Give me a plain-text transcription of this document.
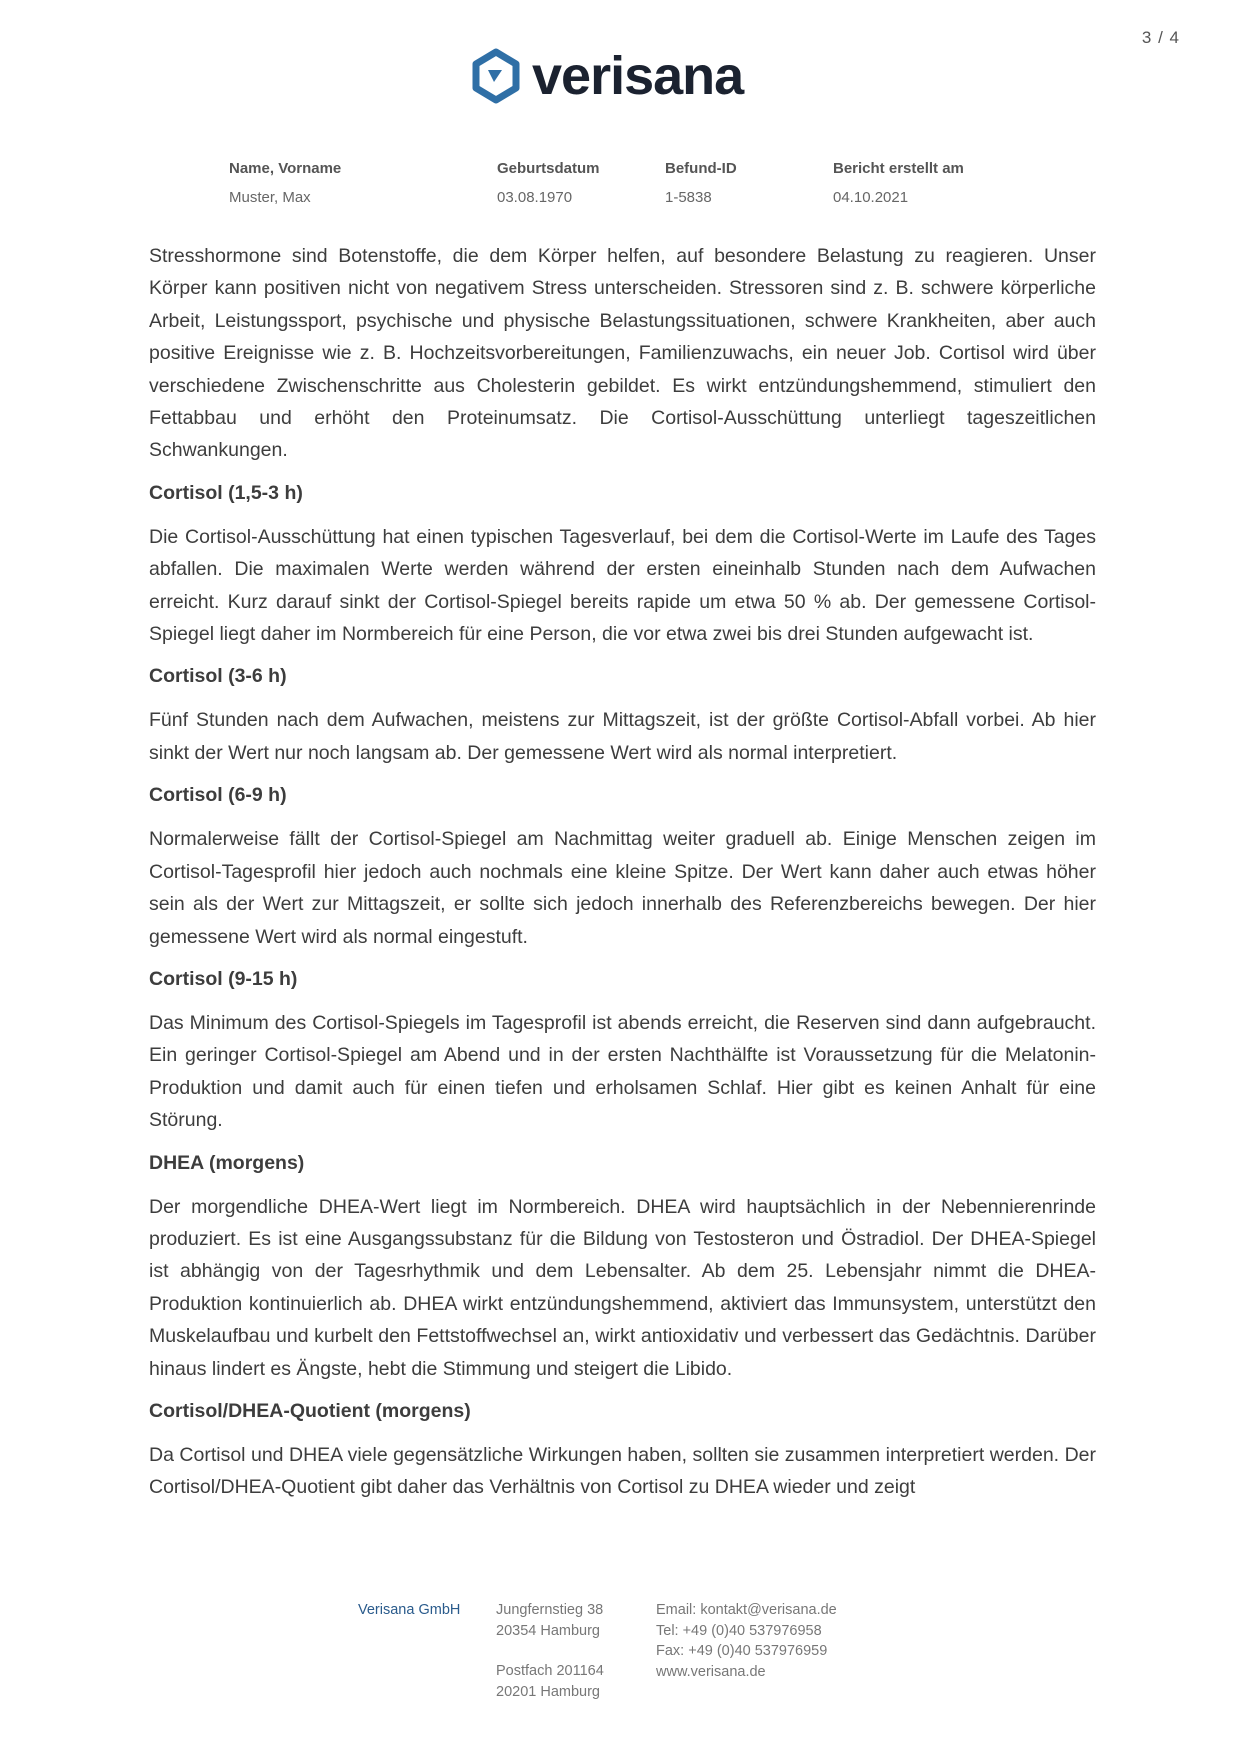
3 / 4
verisana
Name, Vorname	Geburtsdatum	Befund-ID	Bericht erstellt am
Muster, Max	03.08.1970	1-5838	04.10.2021

Stresshormone sind Botenstoffe, die dem Körper helfen, auf besondere Belastung zu reagieren. Unser Körper kann positiven nicht von negativem Stress unterscheiden. Stressoren sind z. B. schwere körperliche Arbeit, Leistungssport, psychische und physische Belastungssituationen, schwere Krankheiten, aber auch positive Ereignisse wie z. B. Hochzeitsvorbereitungen, Familienzuwachs, ein neuer Job. Cortisol wird über verschiedene Zwischenschritte aus Cholesterin gebildet. Es wirkt entzündungshemmend, stimuliert den Fettabbau und erhöht den Proteinumsatz. Die Cortisol-Ausschüttung unterliegt tageszeitlichen Schwankungen.

Cortisol (1,5-3 h)

Die Cortisol-Ausschüttung hat einen typischen Tagesverlauf, bei dem die Cortisol-Werte im Laufe des Tages abfallen. Die maximalen Werte werden während der ersten eineinhalb Stunden nach dem Aufwachen erreicht. Kurz darauf sinkt der Cortisol-Spiegel bereits rapide um etwa 50 % ab. Der gemessene Cortisol-Spiegel liegt daher im Normbereich für eine Person, die vor etwa zwei bis drei Stunden aufgewacht ist.

Cortisol (3-6 h)

Fünf Stunden nach dem Aufwachen, meistens zur Mittagszeit, ist der größte Cortisol-Abfall vorbei. Ab hier sinkt der Wert nur noch langsam ab. Der gemessene Wert wird als normal interpretiert.

Cortisol (6-9 h)

Normalerweise fällt der Cortisol-Spiegel am Nachmittag weiter graduell ab. Einige Menschen zeigen im Cortisol-Tagesprofil hier jedoch auch nochmals eine kleine Spitze. Der Wert kann daher auch etwas höher sein als der Wert zur Mittagszeit, er sollte sich jedoch innerhalb des Referenzbereichs bewegen. Der hier gemessene Wert wird als normal eingestuft.

Cortisol (9-15 h)

Das Minimum des Cortisol-Spiegels im Tagesprofil ist abends erreicht, die Reserven sind dann aufgebraucht. Ein geringer Cortisol-Spiegel am Abend und in der ersten Nachthälfte ist Voraussetzung für die Melatonin-Produktion und damit auch für einen tiefen und erholsamen Schlaf. Hier gibt es keinen Anhalt für eine Störung.

DHEA (morgens)

Der morgendliche DHEA-Wert liegt im Normbereich. DHEA wird hauptsächlich in der Nebennierenrinde produziert. Es ist eine Ausgangssubstanz für die Bildung von Testosteron und Östradiol. Der DHEA-Spiegel ist abhängig von der Tagesrhythmik und dem Lebensalter. Ab dem 25. Lebensjahr nimmt die DHEA-Produktion kontinuierlich ab. DHEA wirkt entzündungshemmend, aktiviert das Immunsystem, unterstützt den Muskelaufbau und kurbelt den Fettstoffwechsel an, wirkt antioxidativ und verbessert das Gedächtnis. Darüber hinaus lindert es Ängste, hebt die Stimmung und steigert die Libido.

Cortisol/DHEA-Quotient (morgens)

Da Cortisol und DHEA viele gegensätzliche Wirkungen haben, sollten sie zusammen interpretiert werden. Der Cortisol/DHEA-Quotient gibt daher das Verhältnis von Cortisol zu DHEA wieder und zeigt

Verisana GmbH	Jungfernstieg 38
20354 Hamburg
Postfach 201164
20201 Hamburg
Email: kontakt@verisana.de
Tel: +49 (0)40 537976958
Fax: +49 (0)40 537976959
www.verisana.de
